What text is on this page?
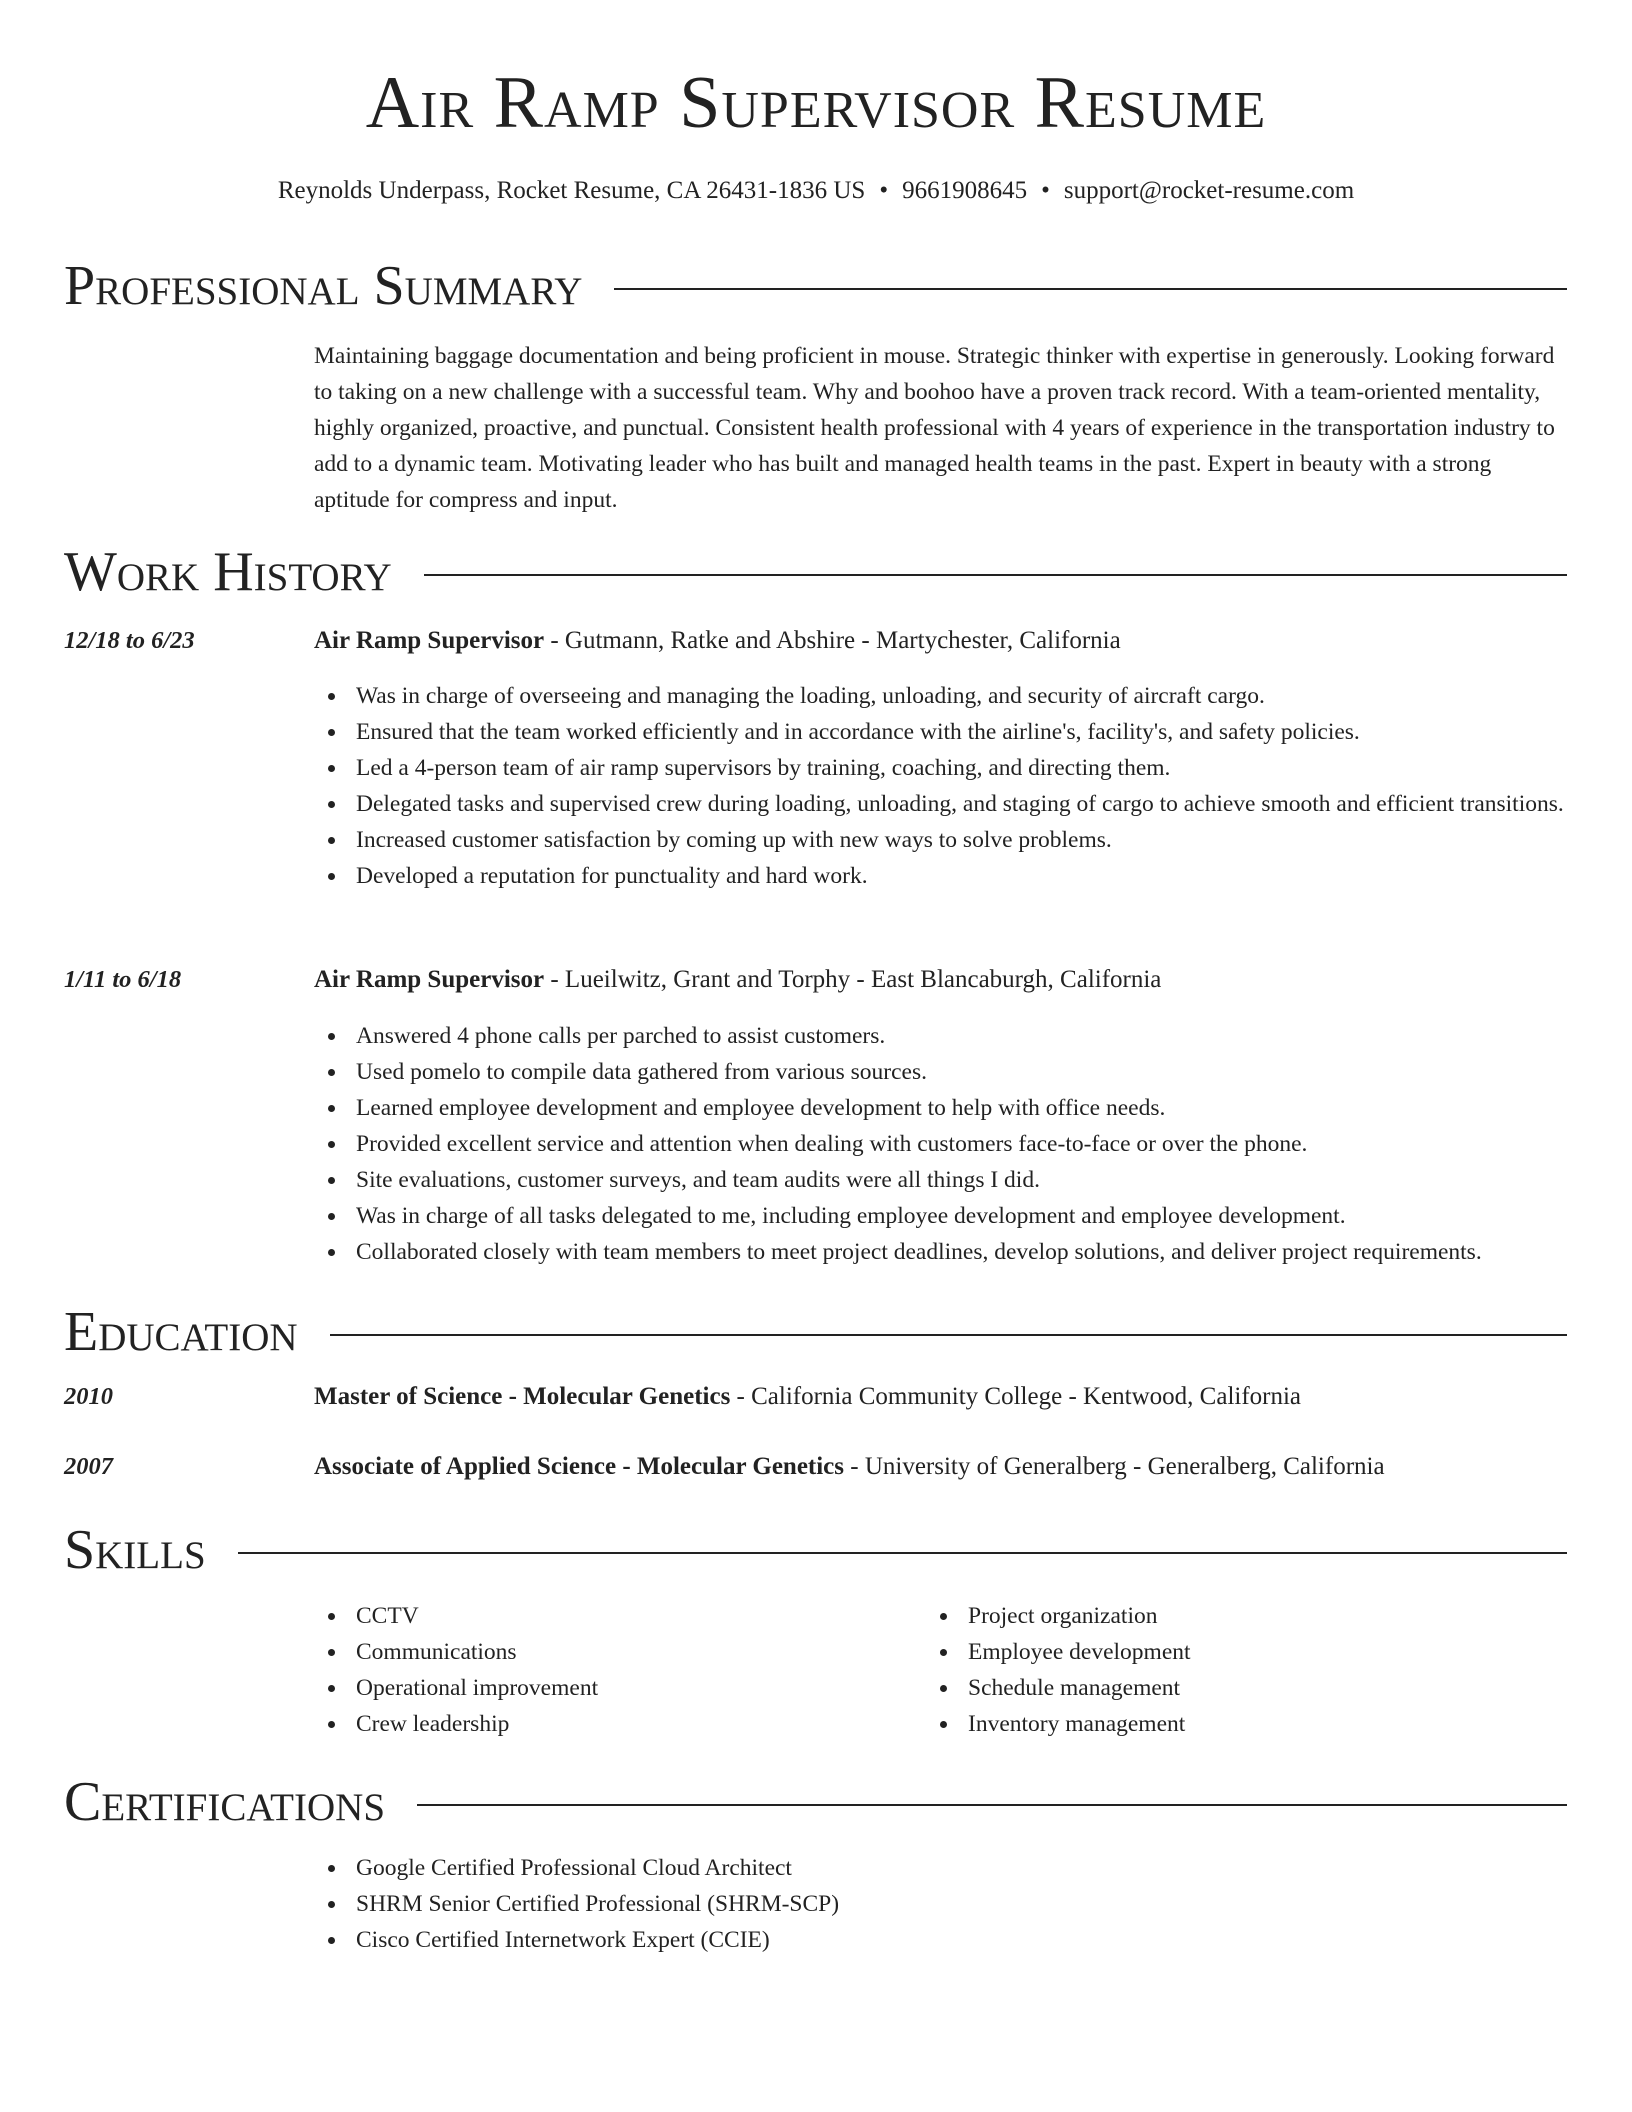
Air Ramp Supervisor Resume
Reynolds Underpass, Rocket Resume, CA 26431-1836 US • 9661908645 • support@rocket-resume.com
Professional Summary
Maintaining baggage documentation and being proficient in mouse. Strategic thinker with expertise in generously. Looking forward to taking on a new challenge with a successful team. Why and boohoo have a proven track record. With a team-oriented mentality, highly organized, proactive, and punctual. Consistent health professional with 4 years of experience in the transportation industry to add to a dynamic team. Motivating leader who has built and managed health teams in the past. Expert in beauty with a strong aptitude for compress and input.
Work History
12/18 to 6/23	Air Ramp Supervisor - Gutmann, Ratke and Abshire - Martychester, California
Was in charge of overseeing and managing the loading, unloading, and security of aircraft cargo.
Ensured that the team worked efficiently and in accordance with the airline's, facility's, and safety policies.
Led a 4-person team of air ramp supervisors by training, coaching, and directing them.
Delegated tasks and supervised crew during loading, unloading, and staging of cargo to achieve smooth and efficient transitions.
Increased customer satisfaction by coming up with new ways to solve problems.
Developed a reputation for punctuality and hard work.
1/11 to 6/18	Air Ramp Supervisor - Lueilwitz, Grant and Torphy - East Blancaburgh, California
Answered 4 phone calls per parched to assist customers.
Used pomelo to compile data gathered from various sources.
Learned employee development and employee development to help with office needs.
Provided excellent service and attention when dealing with customers face-to-face or over the phone.
Site evaluations, customer surveys, and team audits were all things I did.
Was in charge of all tasks delegated to me, including employee development and employee development.
Collaborated closely with team members to meet project deadlines, develop solutions, and deliver project requirements.
Education
2010	Master of Science - Molecular Genetics - California Community College - Kentwood, California
2007	Associate of Applied Science - Molecular Genetics - University of Generalberg - Generalberg, California
Skills
CCTV
Communications
Operational improvement
Crew leadership
Project organization
Employee development
Schedule management
Inventory management
Certifications
Google Certified Professional Cloud Architect
SHRM Senior Certified Professional (SHRM-SCP)
Cisco Certified Internetwork Expert (CCIE)
